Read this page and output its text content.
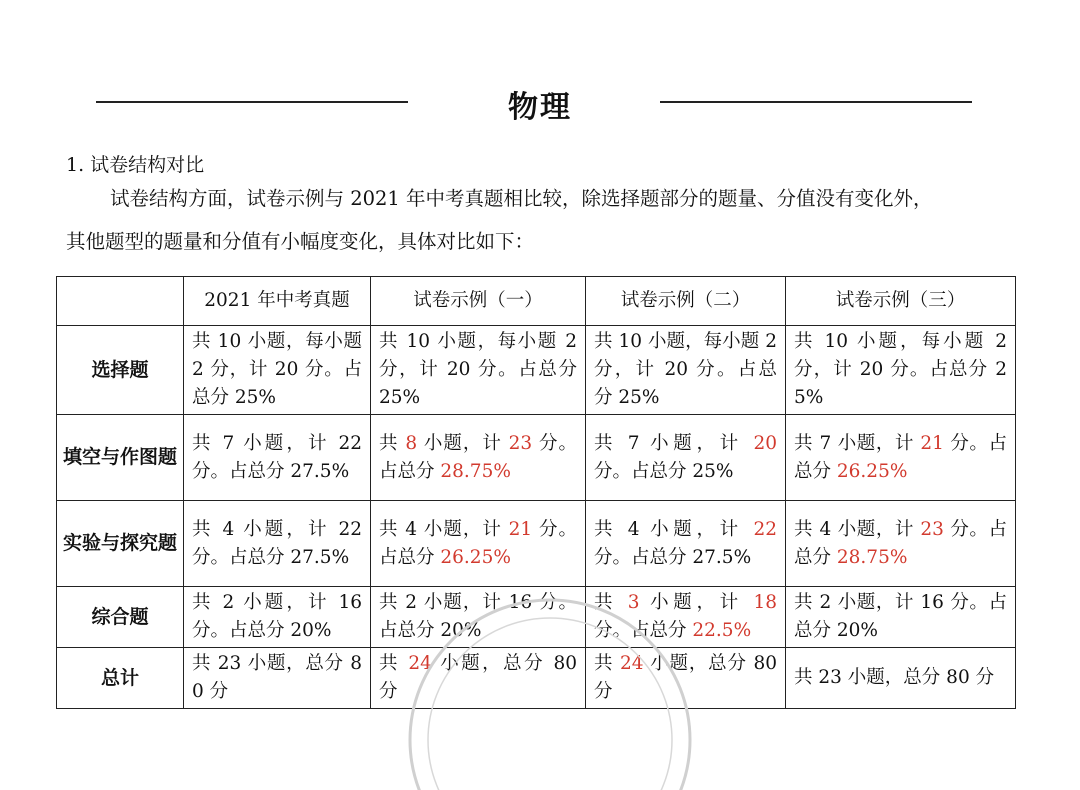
物理
1. 试卷结构对比
试卷结构方面，试卷示例与 2021 年中考真题相比较，除选择题部分的题量、分值没有变化外，
其他题型的题量和分值有小幅度变化，具体对比如下：
	2021 年中考真题	试卷示例（一）	试卷示例（二）	试卷示例（三）
选择题	共 10 小题，每小题 2 分，计 20 分。占总分 25%	共 10 小题，每小题 2 分，计 20 分。占总分 25%	共 10 小题，每小题 2 分，计 20 分。占总分 25%	共 10 小题，每小题 2 分，计 20 分。占总分 25%
填空与作图题	共 7 小题，计 22 分。占总分 27.5%	共 8 小题，计 23 分。占总分 28.75%	共 7 小题，计 20 分。占总分 25%	共 7 小题，计 21 分。占总分 26.25%
实验与探究题	共 4 小题，计 22 分。占总分 27.5%	共 4 小题，计 21 分。占总分 26.25%	共 4 小题，计 22 分。占总分 27.5%	共 4 小题，计 23 分。占总分 28.75%
综合题	共 2 小题，计 16 分。占总分 20%	共 2 小题，计 16 分。占总分 20%	共 3 小题，计 18 分。占总分 22.5%	共 2 小题，计 16 分。占总分 20%
总计	共 23 小题，总分 80 分	共 24 小题，总分 80 分	共 24 小题，总分 80 分	共 23 小题，总分 80 分
